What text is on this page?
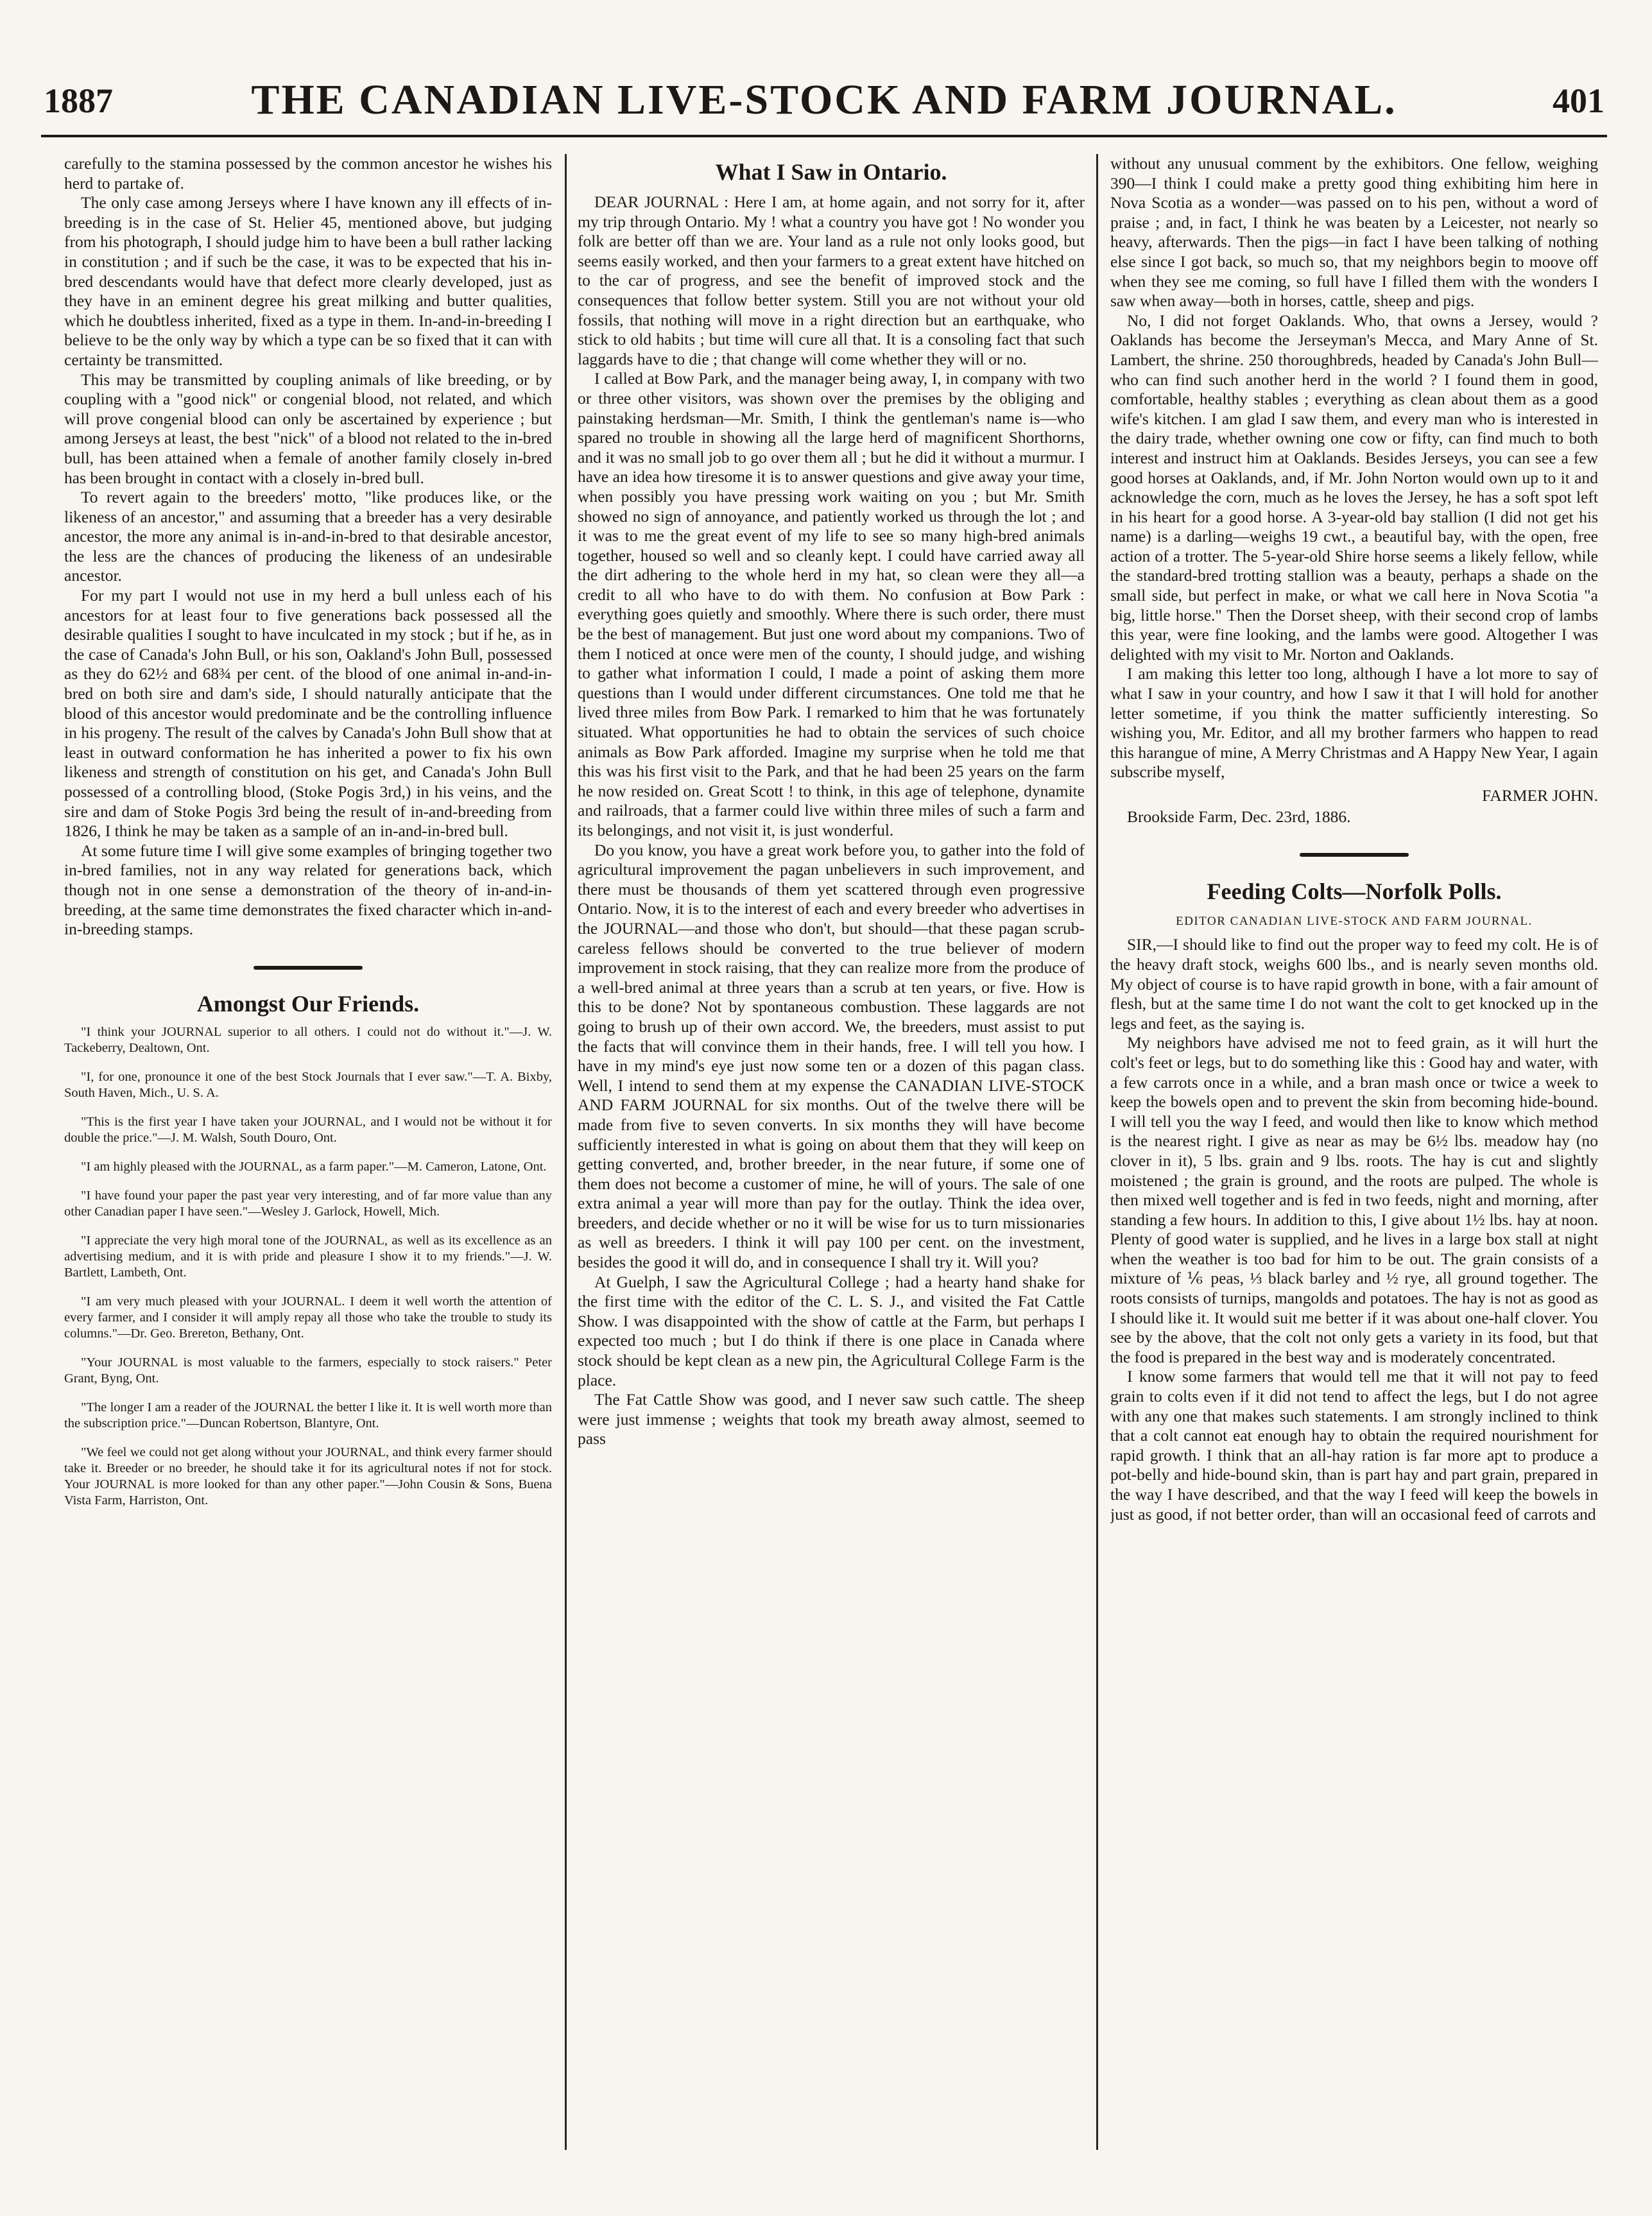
1887	THE CANADIAN LIVE-STOCK AND FARM JOURNAL.	401

carefully to the stamina possessed by the common ancestor he wishes his herd to partake of.

The only case among Jerseys where I have known any ill effects of in-breeding is in the case of St. Helier 45, mentioned above, but judging from his photograph, I should judge him to have been a bull rather lacking in constitution ; and if such be the case, it was to be expected that his in-bred descendants would have that defect more clearly developed, just as they have in an eminent degree his great milking and butter qualities, which he doubtless inherited, fixed as a type in them. In-and-in-breeding I believe to be the only way by which a type can be so fixed that it can with certainty be transmitted.

This may be transmitted by coupling animals of like breeding, or by coupling with a "good nick" or congenial blood, not related, and which will prove congenial blood can only be ascertained by experience ; but among Jerseys at least, the best "nick" of a blood not related to the in-bred bull, has been attained when a female of another family closely in-bred has been brought in contact with a closely in-bred bull.

To revert again to the breeders' motto, "like produces like, or the likeness of an ancestor," and assuming that a breeder has a very desirable ancestor, the more any animal is in-and-in-bred to that desirable ancestor, the less are the chances of producing the likeness of an undesirable ancestor.

For my part I would not use in my herd a bull unless each of his ancestors for at least four to five generations back possessed all the desirable qualities I sought to have inculcated in my stock ; but if he, as in the case of Canada's John Bull, or his son, Oakland's John Bull, possessed as they do 62½ and 68¾ per cent. of the blood of one animal in-and-in-bred on both sire and dam's side, I should naturally anticipate that the blood of this ancestor would predominate and be the controlling influence in his progeny. The result of the calves by Canada's John Bull show that at least in outward conformation he has inherited a power to fix his own likeness and strength of constitution on his get, and Canada's John Bull possessed of a controlling blood, (Stoke Pogis 3rd,) in his veins, and the sire and dam of Stoke Pogis 3rd being the result of in-and-breeding from 1826, I think he may be taken as a sample of an in-and-in-bred bull.

At some future time I will give some examples of bringing together two in-bred families, not in any way related for generations back, which though not in one sense a demonstration of the theory of in-and-in-breeding, at the same time demonstrates the fixed character which in-and-in-breeding stamps.

Amongst Our Friends.

"I think your JOURNAL superior to all others. I could not do without it."—J. W. Tackeberry, Dealtown, Ont.

"I, for one, pronounce it one of the best Stock Journals that I ever saw."—T. A. Bixby, South Haven, Mich., U. S. A.

"This is the first year I have taken your JOURNAL, and I would not be without it for double the price."—J. M. Walsh, South Douro, Ont.

"I am highly pleased with the JOURNAL, as a farm paper."—M. Cameron, Latone, Ont.

"I have found your paper the past year very interesting, and of far more value than any other Canadian paper I have seen."—Wesley J. Garlock, Howell, Mich.

"I appreciate the very high moral tone of the JOURNAL, as well as its excellence as an advertising medium, and it is with pride and pleasure I show it to my friends."—J. W. Bartlett, Lambeth, Ont.

"I am very much pleased with your JOURNAL. I deem it well worth the attention of every farmer, and I consider it will amply repay all those who take the trouble to study its columns."—Dr. Geo. Brereton, Bethany, Ont.

"Your JOURNAL is most valuable to the farmers, especially to stock raisers." Peter Grant, Byng, Ont.

"The longer I am a reader of the JOURNAL the better I like it. It is well worth more than the subscription price."—Duncan Robertson, Blantyre, Ont.

"We feel we could not get along without your JOURNAL, and think every farmer should take it. Breeder or no breeder, he should take it for its agricultural notes if not for stock. Your JOURNAL is more looked for than any other paper."—John Cousin & Sons, Buena Vista Farm, Harriston, Ont.

What I Saw in Ontario.

DEAR JOURNAL : Here I am, at home again, and not sorry for it, after my trip through Ontario. My ! what a country you have got ! No wonder you folk are better off than we are. Your land as a rule not only looks good, but seems easily worked, and then your farmers to a great extent have hitched on to the car of progress, and see the benefit of improved stock and the consequences that follow better system. Still you are not without your old fossils, that nothing will move in a right direction but an earthquake, who stick to old habits ; but time will cure all that. It is a consoling fact that such laggards have to die ; that change will come whether they will or no.

I called at Bow Park, and the manager being away, I, in company with two or three other visitors, was shown over the premises by the obliging and painstaking herdsman—Mr. Smith, I think the gentleman's name is—who spared no trouble in showing all the large herd of magnificent Shorthorns, and it was no small job to go over them all ; but he did it without a murmur. I have an idea how tiresome it is to answer questions and give away your time, when possibly you have pressing work waiting on you ; but Mr. Smith showed no sign of annoyance, and patiently worked us through the lot ; and it was to me the great event of my life to see so many high-bred animals together, housed so well and so cleanly kept. I could have carried away all the dirt adhering to the whole herd in my hat, so clean were they all—a credit to all who have to do with them. No confusion at Bow Park : everything goes quietly and smoothly. Where there is such order, there must be the best of management. But just one word about my companions. Two of them I noticed at once were men of the county, I should judge, and wishing to gather what information I could, I made a point of asking them more questions than I would under different circumstances. One told me that he lived three miles from Bow Park. I remarked to him that he was fortunately situated. What opportunities he had to obtain the services of such choice animals as Bow Park afforded. Imagine my surprise when he told me that this was his first visit to the Park, and that he had been 25 years on the farm he now resided on. Great Scott ! to think, in this age of telephone, dynamite and railroads, that a farmer could live within three miles of such a farm and its belongings, and not visit it, is just wonderful.

Do you know, you have a great work before you, to gather into the fold of agricultural improvement the pagan unbelievers in such improvement, and there must be thousands of them yet scattered through even progressive Ontario. Now, it is to the interest of each and every breeder who advertises in the JOURNAL—and those who don't, but should—that these pagan scrub-careless fellows should be converted to the true believer of modern improvement in stock raising, that they can realize more from the produce of a well-bred animal at three years than a scrub at ten years, or five. How is this to be done? Not by spontaneous combustion. These laggards are not going to brush up of their own accord. We, the breeders, must assist to put the facts that will convince them in their hands, free. I will tell you how. I have in my mind's eye just now some ten or a dozen of this pagan class. Well, I intend to send them at my expense the CANADIAN LIVE-STOCK AND FARM JOURNAL for six months. Out of the twelve there will be made from five to seven converts. In six months they will have become sufficiently interested in what is going on about them that they will keep on getting converted, and, brother breeder, in the near future, if some one of them does not become a customer of mine, he will of yours. The sale of one extra animal a year will more than pay for the outlay. Think the idea over, breeders, and decide whether or no it will be wise for us to turn missionaries as well as breeders. I think it will pay 100 per cent. on the investment, besides the good it will do, and in consequence I shall try it. Will you?

At Guelph, I saw the Agricultural College ; had a hearty hand shake for the first time with the editor of the C. L. S. J., and visited the Fat Cattle Show. I was disappointed with the show of cattle at the Farm, but perhaps I expected too much ; but I do think if there is one place in Canada where stock should be kept clean as a new pin, the Agricultural College Farm is the place.

The Fat Cattle Show was good, and I never saw such cattle. The sheep were just immense ; weights that took my breath away almost, seemed to pass

without any unusual comment by the exhibitors. One fellow, weighing 390—I think I could make a pretty good thing exhibiting him here in Nova Scotia as a wonder—was passed on to his pen, without a word of praise ; and, in fact, I think he was beaten by a Leicester, not nearly so heavy, afterwards. Then the pigs—in fact I have been talking of nothing else since I got back, so much so, that my neighbors begin to moove off when they see me coming, so full have I filled them with the wonders I saw when away—both in horses, cattle, sheep and pigs.

No, I did not forget Oaklands. Who, that owns a Jersey, would ? Oaklands has become the Jerseyman's Mecca, and Mary Anne of St. Lambert, the shrine. 250 thoroughbreds, headed by Canada's John Bull—who can find such another herd in the world ? I found them in good, comfortable, healthy stables ; everything as clean about them as a good wife's kitchen. I am glad I saw them, and every man who is interested in the dairy trade, whether owning one cow or fifty, can find much to both interest and instruct him at Oaklands. Besides Jerseys, you can see a few good horses at Oaklands, and, if Mr. John Norton would own up to it and acknowledge the corn, much as he loves the Jersey, he has a soft spot left in his heart for a good horse. A 3-year-old bay stallion (I did not get his name) is a darling—weighs 19 cwt., a beautiful bay, with the open, free action of a trotter. The 5-year-old Shire horse seems a likely fellow, while the standard-bred trotting stallion was a beauty, perhaps a shade on the small side, but perfect in make, or what we call here in Nova Scotia "a big, little horse." Then the Dorset sheep, with their second crop of lambs this year, were fine looking, and the lambs were good. Altogether I was delighted with my visit to Mr. Norton and Oaklands.

I am making this letter too long, although I have a lot more to say of what I saw in your country, and how I saw it that I will hold for another letter sometime, if you think the matter sufficiently interesting. So wishing you, Mr. Editor, and all my brother farmers who happen to read this harangue of mine, A Merry Christmas and A Happy New Year, I again subscribe myself,

FARMER JOHN.

Brookside Farm, Dec. 23rd, 1886.

Feeding Colts—Norfolk Polls.
EDITOR CANADIAN LIVE-STOCK AND FARM JOURNAL.

SIR,—I should like to find out the proper way to feed my colt. He is of the heavy draft stock, weighs 600 lbs., and is nearly seven months old. My object of course is to have rapid growth in bone, with a fair amount of flesh, but at the same time I do not want the colt to get knocked up in the legs and feet, as the saying is.

My neighbors have advised me not to feed grain, as it will hurt the colt's feet or legs, but to do something like this : Good hay and water, with a few carrots once in a while, and a bran mash once or twice a week to keep the bowels open and to prevent the skin from becoming hide-bound. I will tell you the way I feed, and would then like to know which method is the nearest right. I give as near as may be 6½ lbs. meadow hay (no clover in it), 5 lbs. grain and 9 lbs. roots. The hay is cut and slightly moistened ; the grain is ground, and the roots are pulped. The whole is then mixed well together and is fed in two feeds, night and morning, after standing a few hours. In addition to this, I give about 1½ lbs. hay at noon. Plenty of good water is supplied, and he lives in a large box stall at night when the weather is too bad for him to be out. The grain consists of a mixture of ⅙ peas, ⅓ black barley and ½ rye, all ground together. The roots consists of turnips, mangolds and potatoes. The hay is not as good as I should like it. It would suit me better if it was about one-half clover. You see by the above, that the colt not only gets a variety in its food, but that the food is prepared in the best way and is moderately concentrated.

I know some farmers that would tell me that it will not pay to feed grain to colts even if it did not tend to affect the legs, but I do not agree with any one that makes such statements. I am strongly inclined to think that a colt cannot eat enough hay to obtain the required nourishment for rapid growth. I think that an all-hay ration is far more apt to produce a pot-belly and hide-bound skin, than is part hay and part grain, prepared in the way I have described, and that the way I feed will keep the bowels in just as good, if not better order, than will an occasional feed of carrots and
